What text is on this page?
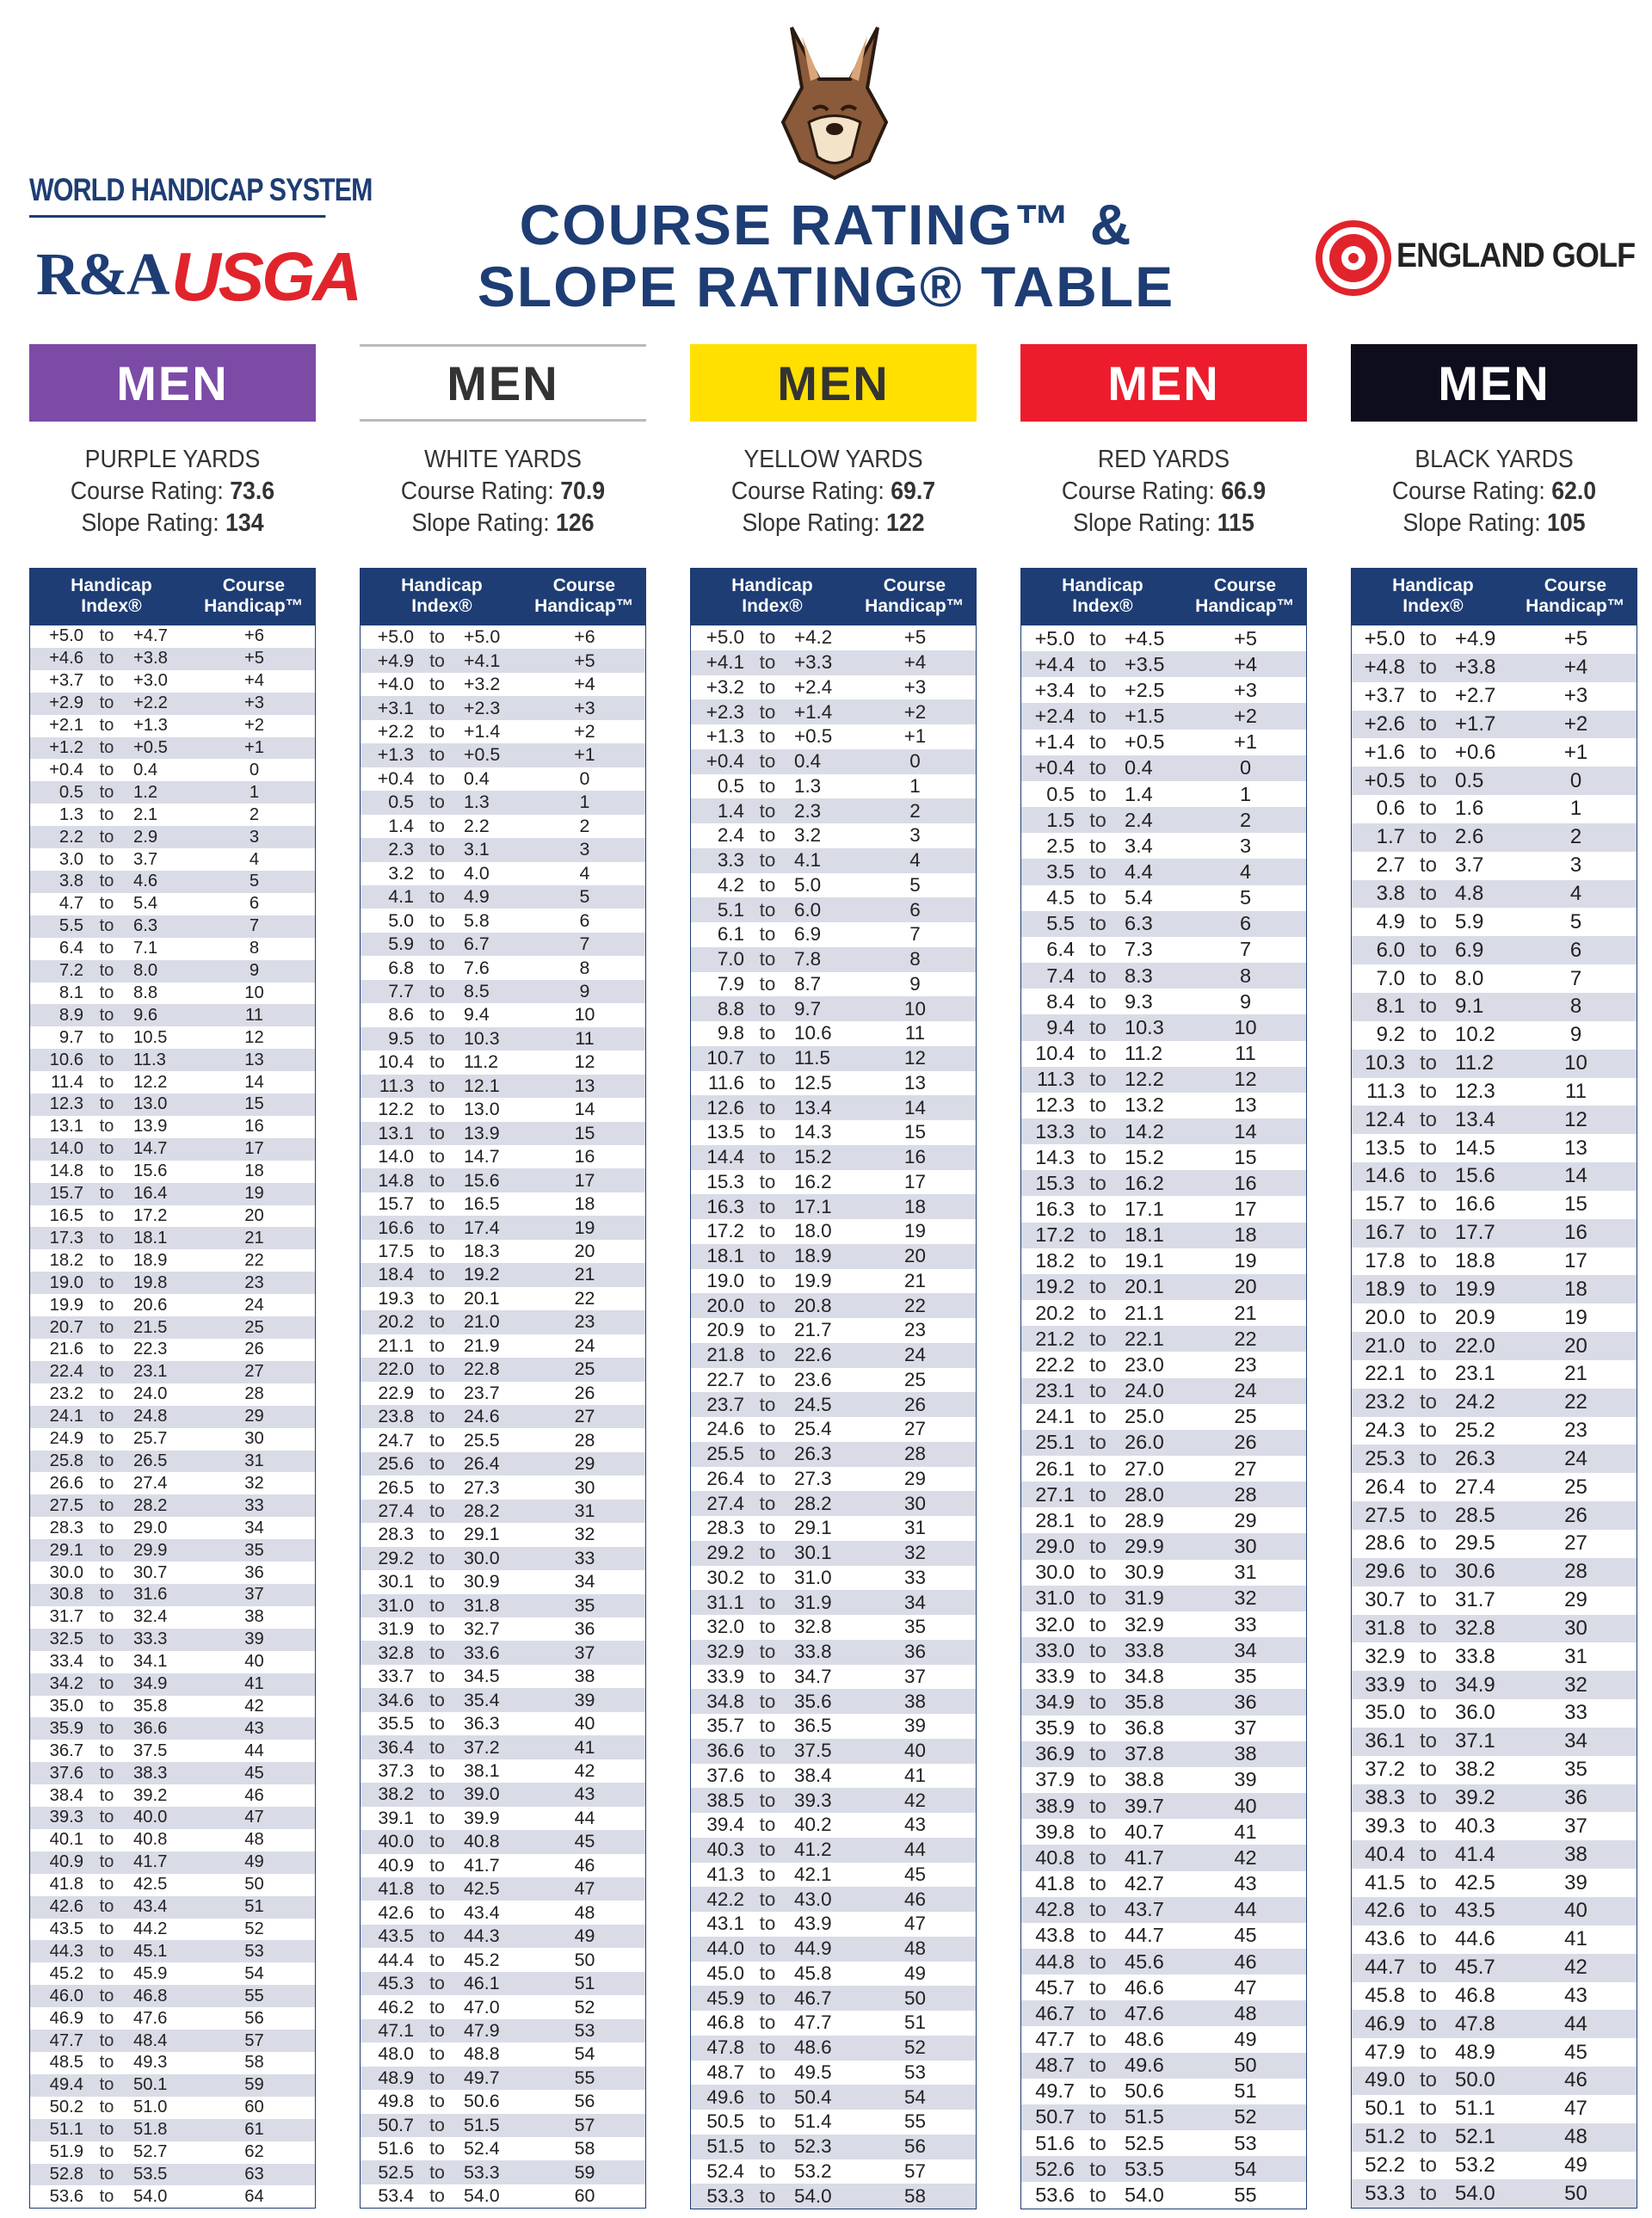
WORLD HANDICAP SYSTEM
R&A USGA
COURSE RATING™ &
SLOPE RATING® TABLE	ENGLAND GOLF
MEN
PURPLE YARDS
Course Rating: 73.6
Slope Rating: 134
Handicap
Index®
Course
Handicap™
+5.0 to	+4.7	+6
+4.6 to	+3.8	+5
+3.7 to	+3.0	+4
+2.9 to	+2.2	+3
+2.1 to	+1.3	+2
+1.2 to	+0.5	+1
+0.4 to	0.4	0
0.5 to	1.2	1
1.3 to	2.1	2
2.2 to	2.9	3
3.0 to	3.7	4
3.8 to	4.6	5
4.7 to	5.4	6
5.5 to	6.3	7
6.4 to	7.1	8
7.2 to	8.0	9
8.1 to	8.8	10
8.9 to	9.6	11
9.7 to	10.5	12
10.6 to	11.3	13
11.4 to	12.2	14
12.3 to	13.0	15
13.1 to	13.9	16
14.0 to	14.7	17
14.8 to	15.6	18
15.7 to	16.4	19
16.5 to	17.2	20
17.3 to	18.1	21
18.2 to	18.9	22
19.0 to	19.8	23
19.9 to	20.6	24
20.7 to	21.5	25
21.6 to	22.3	26
22.4 to	23.1	27
23.2 to	24.0	28
24.1 to	24.8	29
24.9 to	25.7	30
25.8 to	26.5	31
26.6 to	27.4	32
27.5 to	28.2	33
28.3 to	29.0	34
29.1 to	29.9	35
30.0 to	30.7	36
30.8 to	31.6	37
31.7 to	32.4	38
32.5 to	33.3	39
33.4 to	34.1	40
34.2 to	34.9	41
35.0 to	35.8	42
35.9 to	36.6	43
36.7 to	37.5	44
37.6 to	38.3	45
38.4 to	39.2	46
39.3 to	40.0	47
40.1 to	40.8	48
40.9 to	41.7	49
41.8 to	42.5	50
42.6 to	43.4	51
43.5 to	44.2	52
44.3 to	45.1	53
45.2 to	45.9	54
46.0 to	46.8	55
46.9 to	47.6	56
47.7 to	48.4	57
48.5 to	49.3	58
49.4 to	50.1	59
50.2 to	51.0	60
51.1 to	51.8	61
51.9 to	52.7	62
52.8 to	53.5	63
53.6 to	54.0	64
MEN
WHITE YARDS
Course Rating: 70.9
Slope Rating: 126
Handicap
Index®
Course
Handicap™
+5.0 to	+5.0	+6
+4.9 to	+4.1	+5
+4.0 to	+3.2	+4
+3.1 to	+2.3	+3
+2.2 to	+1.4	+2
+1.3 to	+0.5	+1
+0.4 to	0.4	0
0.5 to	1.3	1
1.4 to	2.2	2
2.3 to	3.1	3
3.2 to	4.0	4
4.1 to	4.9	5
5.0 to	5.8	6
5.9 to	6.7	7
6.8 to	7.6	8
7.7 to	8.5	9
8.6 to	9.4	10
9.5 to	10.3	11
10.4 to	11.2	12
11.3 to	12.1	13
12.2 to	13.0	14
13.1 to	13.9	15
14.0 to	14.7	16
14.8 to	15.6	17
15.7 to	16.5	18
16.6 to	17.4	19
17.5 to	18.3	20
18.4 to	19.2	21
19.3 to	20.1	22
20.2 to	21.0	23
21.1 to	21.9	24
22.0 to	22.8	25
22.9 to	23.7	26
23.8 to	24.6	27
24.7 to	25.5	28
25.6 to	26.4	29
26.5 to	27.3	30
27.4 to	28.2	31
28.3 to	29.1	32
29.2 to	30.0	33
30.1 to	30.9	34
31.0 to	31.8	35
31.9 to	32.7	36
32.8 to	33.6	37
33.7 to	34.5	38
34.6 to	35.4	39
35.5 to	36.3	40
36.4 to	37.2	41
37.3 to	38.1	42
38.2 to	39.0	43
39.1 to	39.9	44
40.0 to	40.8	45
40.9 to	41.7	46
41.8 to	42.5	47
42.6 to	43.4	48
43.5 to	44.3	49
44.4 to	45.2	50
45.3 to	46.1	51
46.2 to	47.0	52
47.1 to	47.9	53
48.0 to	48.8	54
48.9 to	49.7	55
49.8 to	50.6	56
50.7 to	51.5	57
51.6 to	52.4	58
52.5 to	53.3	59
53.4 to	54.0	60
MEN
YELLOW YARDS
Course Rating: 69.7
Slope Rating: 122
Handicap
Index®
Course
Handicap™
+5.0 to +4.2	+5
+4.1 to +3.3	+4
+3.2 to +2.4	+3
+2.3 to +1.4	+2
+1.3 to +0.5	+1
+0.4 to 0.4	0
0.5 to 1.3	1
1.4 to 2.3	2
2.4 to 3.2	3
3.3 to 4.1	4
4.2 to 5.0	5
5.1 to 6.0	6
6.1 to 6.9	7
7.0 to 7.8	8
7.9 to 8.7	9
8.8 to 9.7	10
9.8 to 10.6	11
10.7 to 11.5	12
11.6 to 12.5	13
12.6 to 13.4	14
13.5 to 14.3	15
14.4 to 15.2	16
15.3 to 16.2	17
16.3 to 17.1	18
17.2 to 18.0	19
18.1 to 18.9	20
19.0 to 19.9	21
20.0 to 20.8	22
20.9 to 21.7	23
21.8 to 22.6	24
22.7 to 23.6	25
23.7 to 24.5	26
24.6 to 25.4	27
25.5 to 26.3	28
26.4 to 27.3	29
27.4 to 28.2	30
28.3 to 29.1	31
29.2 to 30.1	32
30.2 to 31.0	33
31.1 to 31.9	34
32.0 to 32.8	35
32.9 to 33.8	36
33.9 to 34.7	37
34.8 to 35.6	38
35.7 to 36.5	39
36.6 to 37.5	40
37.6 to 38.4	41
38.5 to 39.3	42
39.4 to 40.2	43
40.3 to 41.2	44
41.3 to 42.1	45
42.2 to 43.0	46
43.1 to 43.9	47
44.0 to 44.9	48
45.0 to 45.8	49
45.9 to 46.7	50
46.8 to 47.7	51
47.8 to 48.6	52
48.7 to 49.5	53
49.6 to 50.4	54
50.5 to 51.4	55
51.5 to 52.3	56
52.4 to 53.2	57
53.3 to 54.0	58
MEN
RED YARDS
Course Rating: 66.9
Slope Rating: 115
Handicap
Index®
Course
Handicap™
+5.0 to +4.5	+5
+4.4 to +3.5	+4
+3.4 to +2.5	+3
+2.4 to +1.5	+2
+1.4 to +0.5	+1
+0.4 to 0.4	0
0.5 to 1.4	1
1.5 to 2.4	2
2.5 to 3.4	3
3.5 to 4.4	4
4.5 to 5.4	5
5.5 to 6.3	6
6.4 to 7.3	7
7.4 to 8.3	8
8.4 to 9.3	9
9.4 to 10.3	10
10.4 to 11.2	11
11.3 to 12.2	12
12.3 to 13.2	13
13.3 to 14.2	14
14.3 to 15.2	15
15.3 to 16.2	16
16.3 to 17.1	17
17.2 to 18.1	18
18.2 to 19.1	19
19.2 to 20.1	20
20.2 to 21.1	21
21.2 to 22.1	22
22.2 to 23.0	23
23.1 to 24.0	24
24.1 to 25.0	25
25.1 to 26.0	26
26.1 to 27.0	27
27.1 to 28.0	28
28.1 to 28.9	29
29.0 to 29.9	30
30.0 to 30.9	31
31.0 to 31.9	32
32.0 to 32.9	33
33.0 to 33.8	34
33.9 to 34.8	35
34.9 to 35.8	36
35.9 to 36.8	37
36.9 to 37.8	38
37.9 to 38.8	39
38.9 to 39.7	40
39.8 to 40.7	41
40.8 to 41.7	42
41.8 to 42.7	43
42.8 to 43.7	44
43.8 to 44.7	45
44.8 to 45.6	46
45.7 to 46.6	47
46.7 to 47.6	48
47.7 to 48.6	49
48.7 to 49.6	50
49.7 to 50.6	51
50.7 to 51.5	52
51.6 to 52.5	53
52.6 to 53.5	54
53.6 to 54.0	55
MEN
BLACK YARDS
Course Rating: 62.0
Slope Rating: 105
Handicap
Index®
Course
Handicap™
+5.0 to +4.9	+5
+4.8 to +3.8	+4
+3.7 to +2.7	+3
+2.6 to +1.7	+2
+1.6 to +0.6	+1
+0.5 to 0.5	0
0.6 to 1.6	1
1.7 to 2.6	2
2.7 to 3.7	3
3.8 to 4.8	4
4.9 to 5.9	5
6.0 to 6.9	6
7.0 to 8.0	7
8.1 to 9.1	8
9.2 to 10.2	9
10.3 to 11.2	10
11.3 to 12.3	11
12.4 to 13.4	12
13.5 to 14.5	13
14.6 to 15.6	14
15.7 to 16.6	15
16.7 to 17.7	16
17.8 to 18.8	17
18.9 to 19.9	18
20.0 to 20.9	19
21.0 to 22.0	20
22.1 to 23.1	21
23.2 to 24.2	22
24.3 to 25.2	23
25.3 to 26.3	24
26.4 to 27.4	25
27.5 to 28.5	26
28.6 to 29.5	27
29.6 to 30.6	28
30.7 to 31.7	29
31.8 to 32.8	30
32.9 to 33.8	31
33.9 to 34.9	32
35.0 to 36.0	33
36.1 to 37.1	34
37.2 to 38.2	35
38.3 to 39.2	36
39.3 to 40.3	37
40.4 to 41.4	38
41.5 to 42.5	39
42.6 to 43.5	40
43.6 to 44.6	41
44.7 to 45.7	42
45.8 to 46.8	43
46.9 to 47.8	44
47.9 to 48.9	45
49.0 to 50.0	46
50.1 to 51.1	47
51.2 to 52.1	48
52.2 to 53.2	49
53.3 to 54.0	50
